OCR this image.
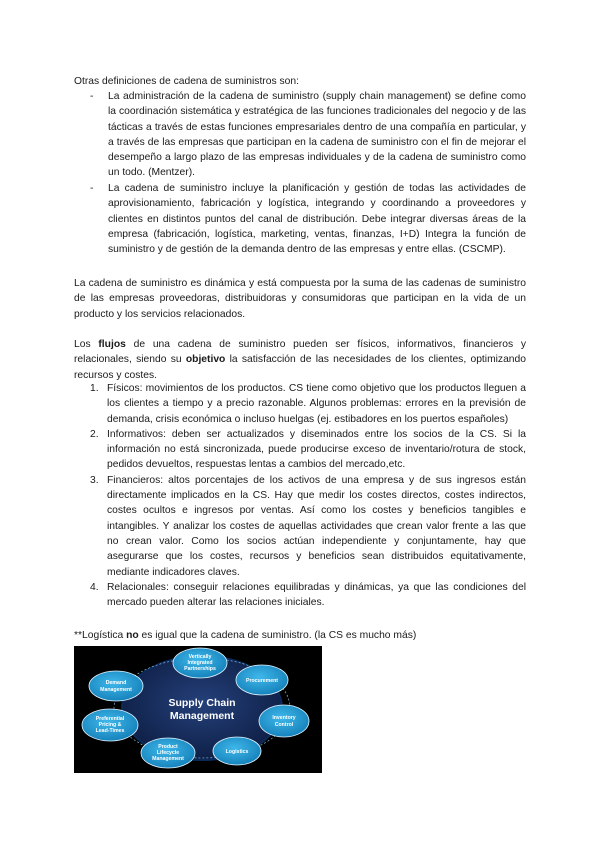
Otras definiciones de cadena de suministros son:

- La administración de la cadena de suministro (supply chain management) se define como la coordinación sistemática y estratégica de las funciones tradicionales del negocio y de las tácticas a través de estas funciones empresariales dentro de una compañía en particular, y a través de las empresas que participan en la cadena de suministro con el fin de mejorar el desempeño a largo plazo de las empresas individuales y de la cadena de suministro como un todo. (Mentzer).
- La cadena de suministro incluye la planificación y gestión de todas las actividades de aprovisionamiento, fabricación y logística, integrando y coordinando a proveedores y clientes en distintos puntos del canal de distribución. Debe integrar diversas áreas de la empresa (fabricación, logística, marketing, ventas, finanzas, I+D) Integra la función de suministro y de gestión de la demanda dentro de las empresas y entre ellas. (CSCMP).

La cadena de suministro es dinámica y está compuesta por la suma de las cadenas de suministro de las empresas proveedoras, distribuidoras y consumidoras que participan en la vida de un producto y los servicios relacionados.

Los flujos de una cadena de suministro pueden ser físicos, informativos, financieros y relacionales, siendo su objetivo la satisfacción de las necesidades de los clientes, optimizando recursos y costes.

1. Físicos: movimientos de los productos. CS tiene como objetivo que los productos lleguen a los clientes a tiempo y a precio razonable. Algunos problemas: errores en la previsión de demanda, crisis económica o incluso huelgas (ej. estibadores en los puertos españoles)
2. Informativos: deben ser actualizados y diseminados entre los socios de la CS. Si la información no está sincronizada, puede producirse exceso de inventario/rotura de stock, pedidos devueltos, respuestas lentas a cambios del mercado,etc.
3. Financieros: altos porcentajes de los activos de una empresa y de sus ingresos están directamente implicados en la CS. Hay que medir los costes directos, costes indirectos, costes ocultos e ingresos por ventas. Así como los costes y beneficios tangibles e intangibles. Y analizar los costes de aquellas actividades que crean valor frente a las que no crean valor. Como los socios actúan independiente y conjuntamente, hay que asegurarse que los costes, recursos y beneficios sean distribuidos equitativamente, mediante indicadores claves.
4. Relacionales: conseguir relaciones equilibradas y dinámicas, ya que las condiciones del mercado pueden alterar las relaciones iniciales.

**Logística no es igual que la cadena de suministro. (la CS es mucho más)

Supply Chain
Management
Vertically
Integrated
Partnerships
Procurement
Inventory
Control
Logistics
Product
Lifecycle
Management
Preferential
Pricing &
Lead-Times
Demand
Management
